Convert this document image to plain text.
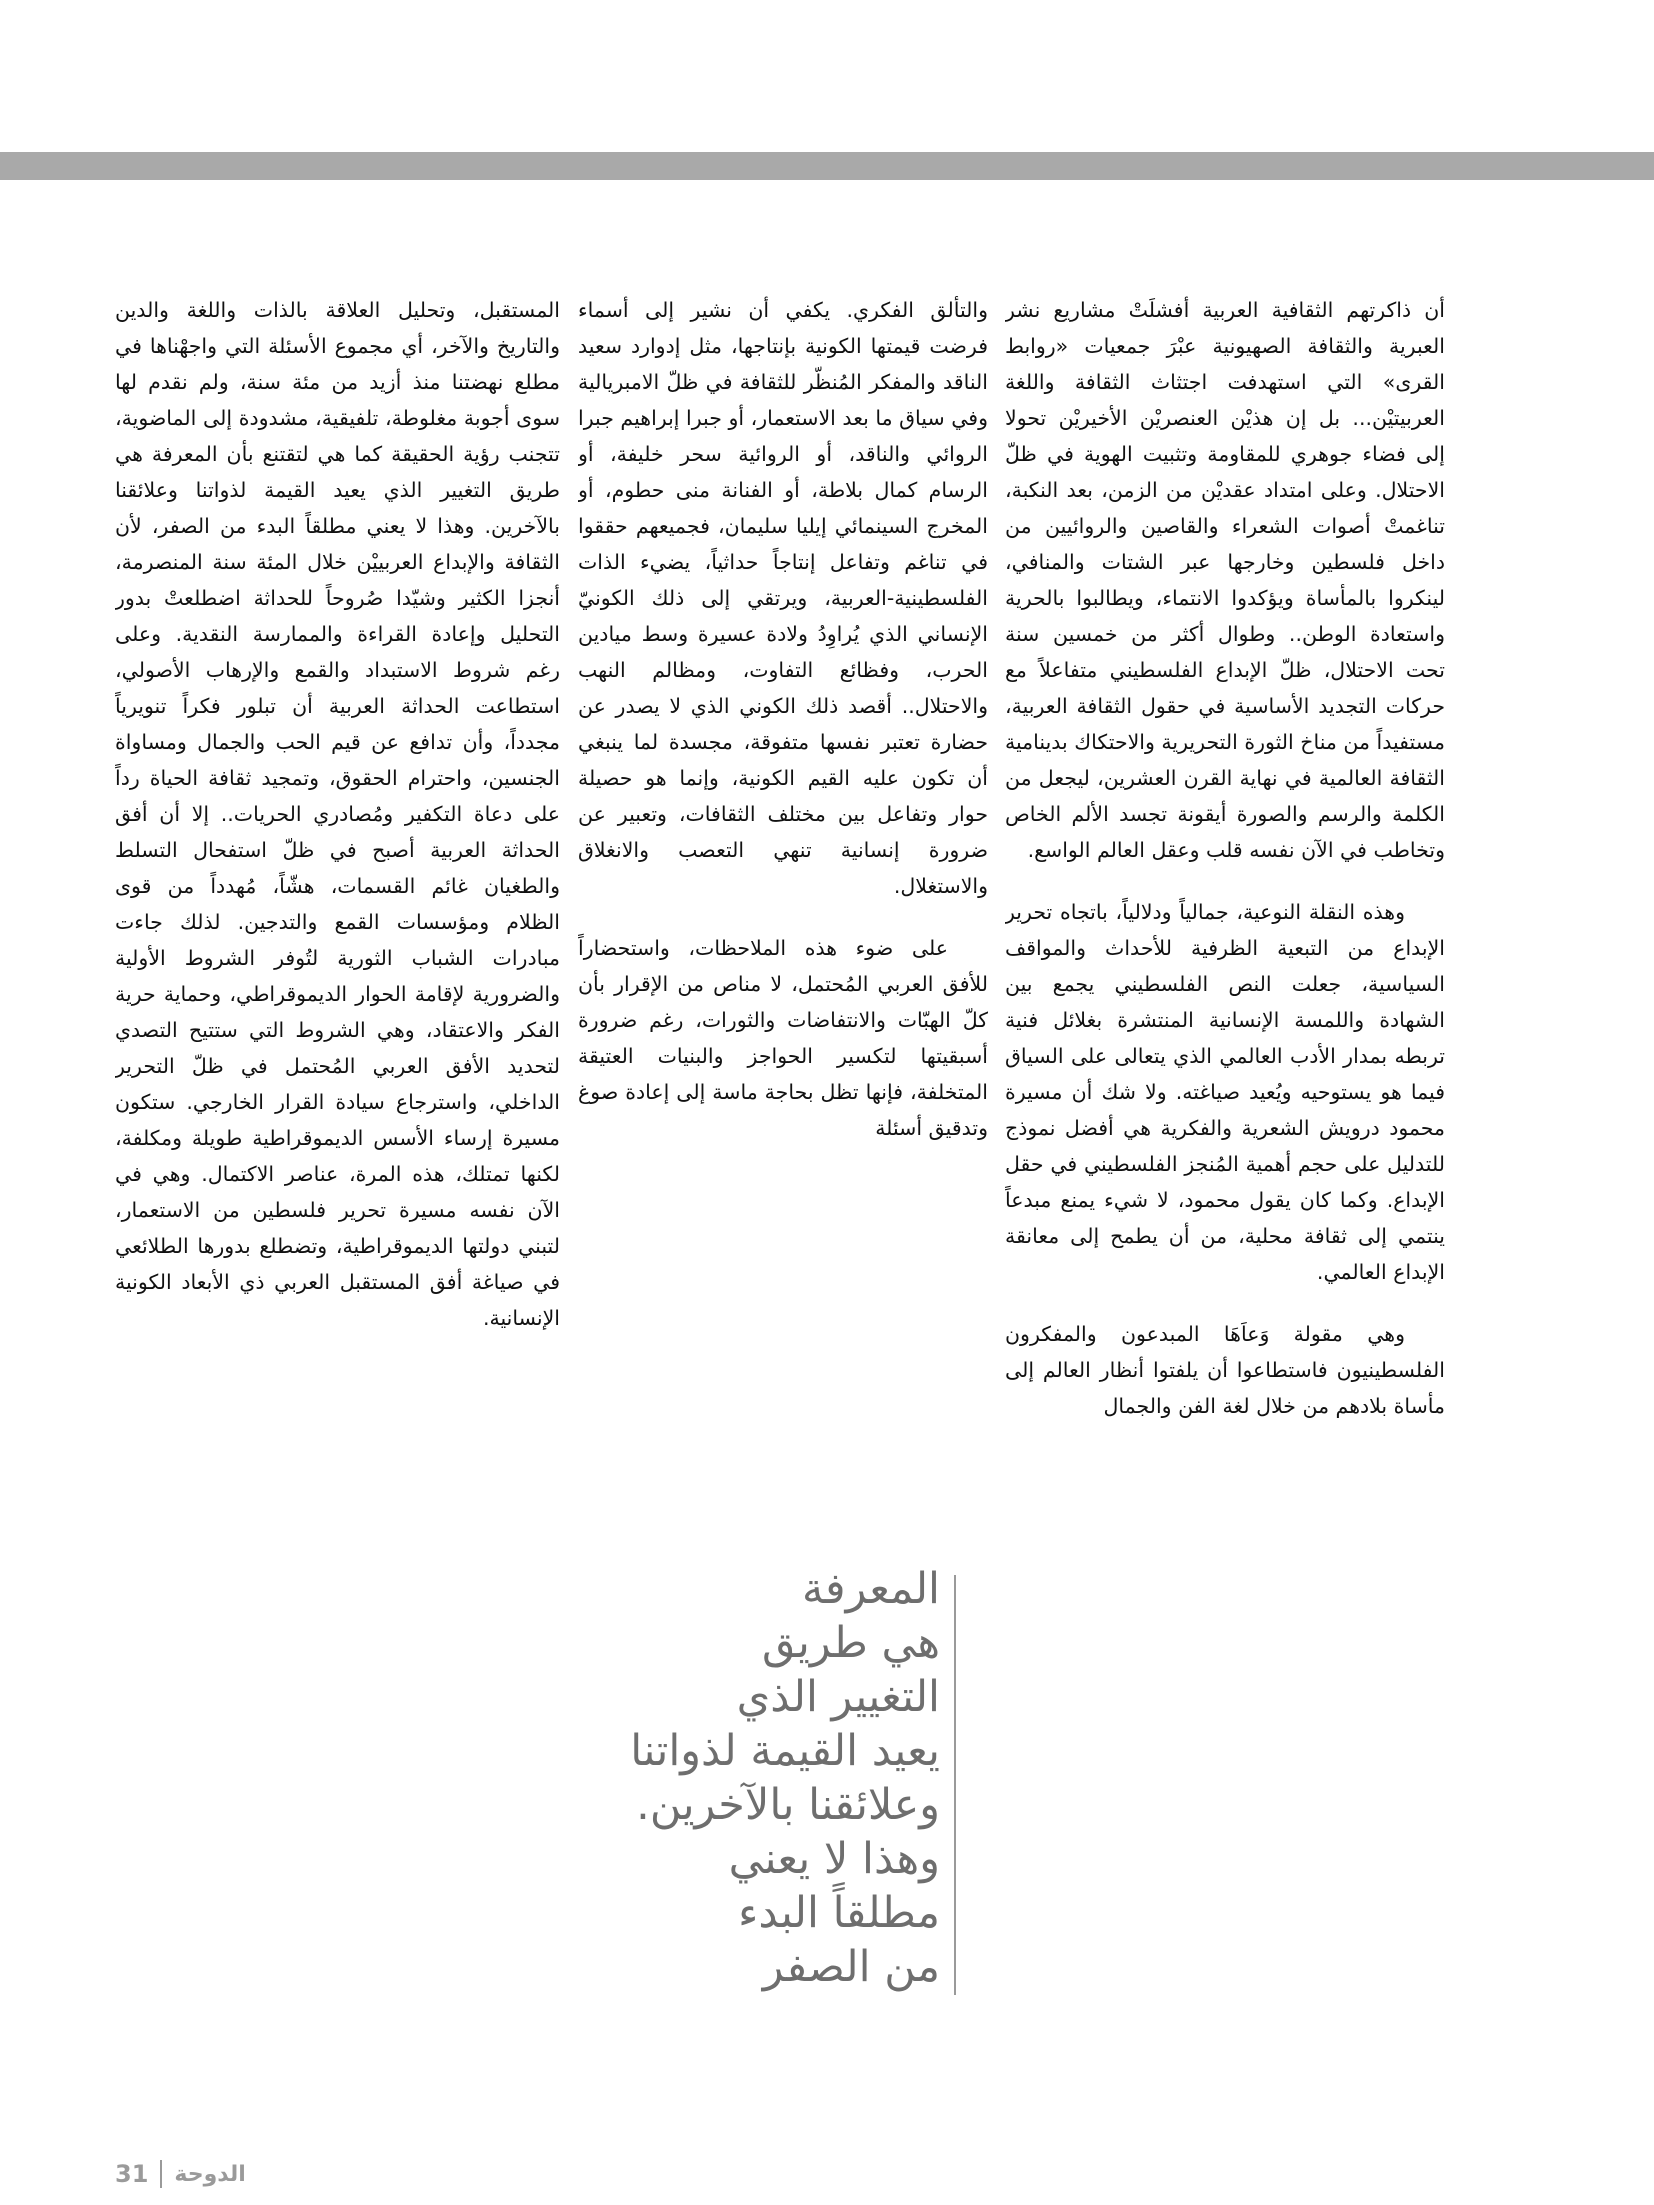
أن ذاكرتهم الثقافية العربية أفشلَتْ مشاريع نشر العبرية والثقافة الصهيونية عبْرَ جمعيات «روابط القرى» التي استهدفت اجتثاث الثقافة واللغة العربيتيْن... بل إن هذيْن العنصريْن الأخيريْن تحولا إلى فضاء جوهري للمقاومة وتثبيت الهوية في ظلّ الاحتلال. وعلى امتداد عقديْن من الزمن، بعد النكبة، تناغمتْ أصوات الشعراء والقاصين والروائيين من داخل فلسطين وخارجها عبر الشتات والمنافي، لينكروا بالمأساة ويؤكدوا الانتماء، ويطالبوا بالحرية واستعادة الوطن.. وطوال أكثر من خمسين سنة تحت الاحتلال، ظلّ الإبداع الفلسطيني متفاعلاً مع حركات التجديد الأساسية في حقول الثقافة العربية، مستفيداً من مناخ الثورة التحريرية والاحتكاك بدينامية الثقافة العالمية في نهاية القرن العشرين، ليجعل من الكلمة والرسم والصورة أيقونة تجسد الألم الخاص وتخاطب في الآن نفسه قلب وعقل العالم الواسع.

وهذه النقلة النوعية، جمالياً ودلالياً، باتجاه تحرير الإبداع من التبعية الظرفية للأحداث والمواقف السياسية، جعلت النص الفلسطيني يجمع بين الشهادة واللمسة الإنسانية المنتشرة بغلائل فنية تربطه بمدار الأدب العالمي الذي يتعالى على السياق فيما هو يستوحيه ويُعيد صياغته. ولا شك أن مسيرة محمود درويش الشعرية والفكرية هي أفضل نموذج للتدليل على حجم أهمية المُنجز الفلسطيني في حقل الإبداع. وكما كان يقول محمود، لا شيء يمنع مبدعاً ينتمي إلى ثقافة محلية، من أن يطمح إلى معانقة الإبداع العالمي.

وهي مقولة وَعاَهَا المبدعون والمفكرون الفلسطينيون فاستطاعوا أن يلفتوا أنظار العالم إلى مأساة بلادهم من خلال لغة الفن والجمال

والتألق الفكري. يكفي أن نشير إلى أسماء فرضت قيمتها الكونية بإنتاجها، مثل إدوارد سعيد الناقد والمفكر المُنظّر للثقافة في ظلّ الامبريالية وفي سياق ما بعد الاستعمار، أو جبرا إبراهيم جبرا الروائي والناقد، أو الروائية سحر خليفة، أو الرسام كمال بلاطة، أو الفنانة منى حطوم، أو المخرج السينمائي إيليا سليمان، فجميعهم حققوا في تناغم وتفاعل إنتاجاً حداثياً، يضيء الذات الفلسطينية-العربية، ويرتقي إلى ذلك الكونيّ الإنساني الذي يُراوِدُ ولادة عسيرة وسط ميادين الحرب، وفظائع التفاوت، ومظالم النهب والاحتلال.. أقصد ذلك الكوني الذي لا يصدر عن حضارة تعتبر نفسها متفوقة، مجسدة لما ينبغي أن تكون عليه القيم الكونية، وإنما هو حصيلة حوار وتفاعل بين مختلف الثقافات، وتعبير عن ضرورة إنسانية تنهي التعصب والانغلاق والاستغلال.

على ضوء هذه الملاحظات، واستحضاراً للأفق العربي المُحتمل، لا مناص من الإقرار بأن كلّ الهبّات والانتفاضات والثورات، رغم ضرورة أسبقيتها لتكسير الحواجز والبنيات العتيقة المتخلفة، فإنها تظل بحاجة ماسة إلى إعادة صوغ وتدقيق أسئلة

المستقبل، وتحليل العلاقة بالذات واللغة والدين والتاريخ والآخر، أي مجموع الأسئلة التي واجهْناها في مطلع نهضتنا منذ أزيد من مئة سنة، ولم نقدم لها سوى أجوبة مغلوطة، تلفيقية، مشدودة إلى الماضوية، تتجنب رؤية الحقيقة كما هي لتقتنع بأن المعرفة هي طريق التغيير الذي يعيد القيمة لذواتنا وعلائقنا بالآخرين. وهذا لا يعني مطلقاً البدء من الصفر، لأن الثقافة والإبداع العربييْن خلال المئة سنة المنصرمة، أنجزا الكثير وشيّدا صُروحاً للحداثة اضطلعتْ بدور التحليل وإعادة القراءة والممارسة النقدية. وعلى رغم شروط الاستبداد والقمع والإرهاب الأصولي، استطاعت الحداثة العربية أن تبلور فكراً تنويرياً مجدداً، وأن تدافع عن قيم الحب والجمال ومساواة الجنسين، واحترام الحقوق، وتمجيد ثقافة الحياة رداً على دعاة التكفير ومُصادري الحريات.. إلا أن أفق الحداثة العربية أصبح في ظلّ استفحال التسلط والطغيان غائم القسمات، هشّاً، مُهدداً من قوى الظلام ومؤسسات القمع والتدجين. لذلك جاءت مبادرات الشباب الثورية لتُوفر الشروط الأولية والضرورية لإقامة الحوار الديموقراطي، وحماية حرية الفكر والاعتقاد، وهي الشروط التي ستتيح التصدي لتحديد الأفق العربي المُحتمل في ظلّ التحرير الداخلي، واسترجاع سيادة القرار الخارجي. ستكون مسيرة إرساء الأسس الديموقراطية طويلة ومكلفة، لكنها تمتلك، هذه المرة، عناصر الاكتمال. وهي في الآن نفسه مسيرة تحرير فلسطين من الاستعمار، لتبني دولتها الديموقراطية، وتضطلع بدورها الطلائعي في صياغة أفق المستقبل العربي ذي الأبعاد الكونية الإنسانية.

المعرفة
هي طريق
التغيير الذي
يعيد القيمة لذواتنا
وعلائقنا بالآخرين.
وهذا لا يعني
مطلقاً البدء
من الصفر
31 الدوحة
